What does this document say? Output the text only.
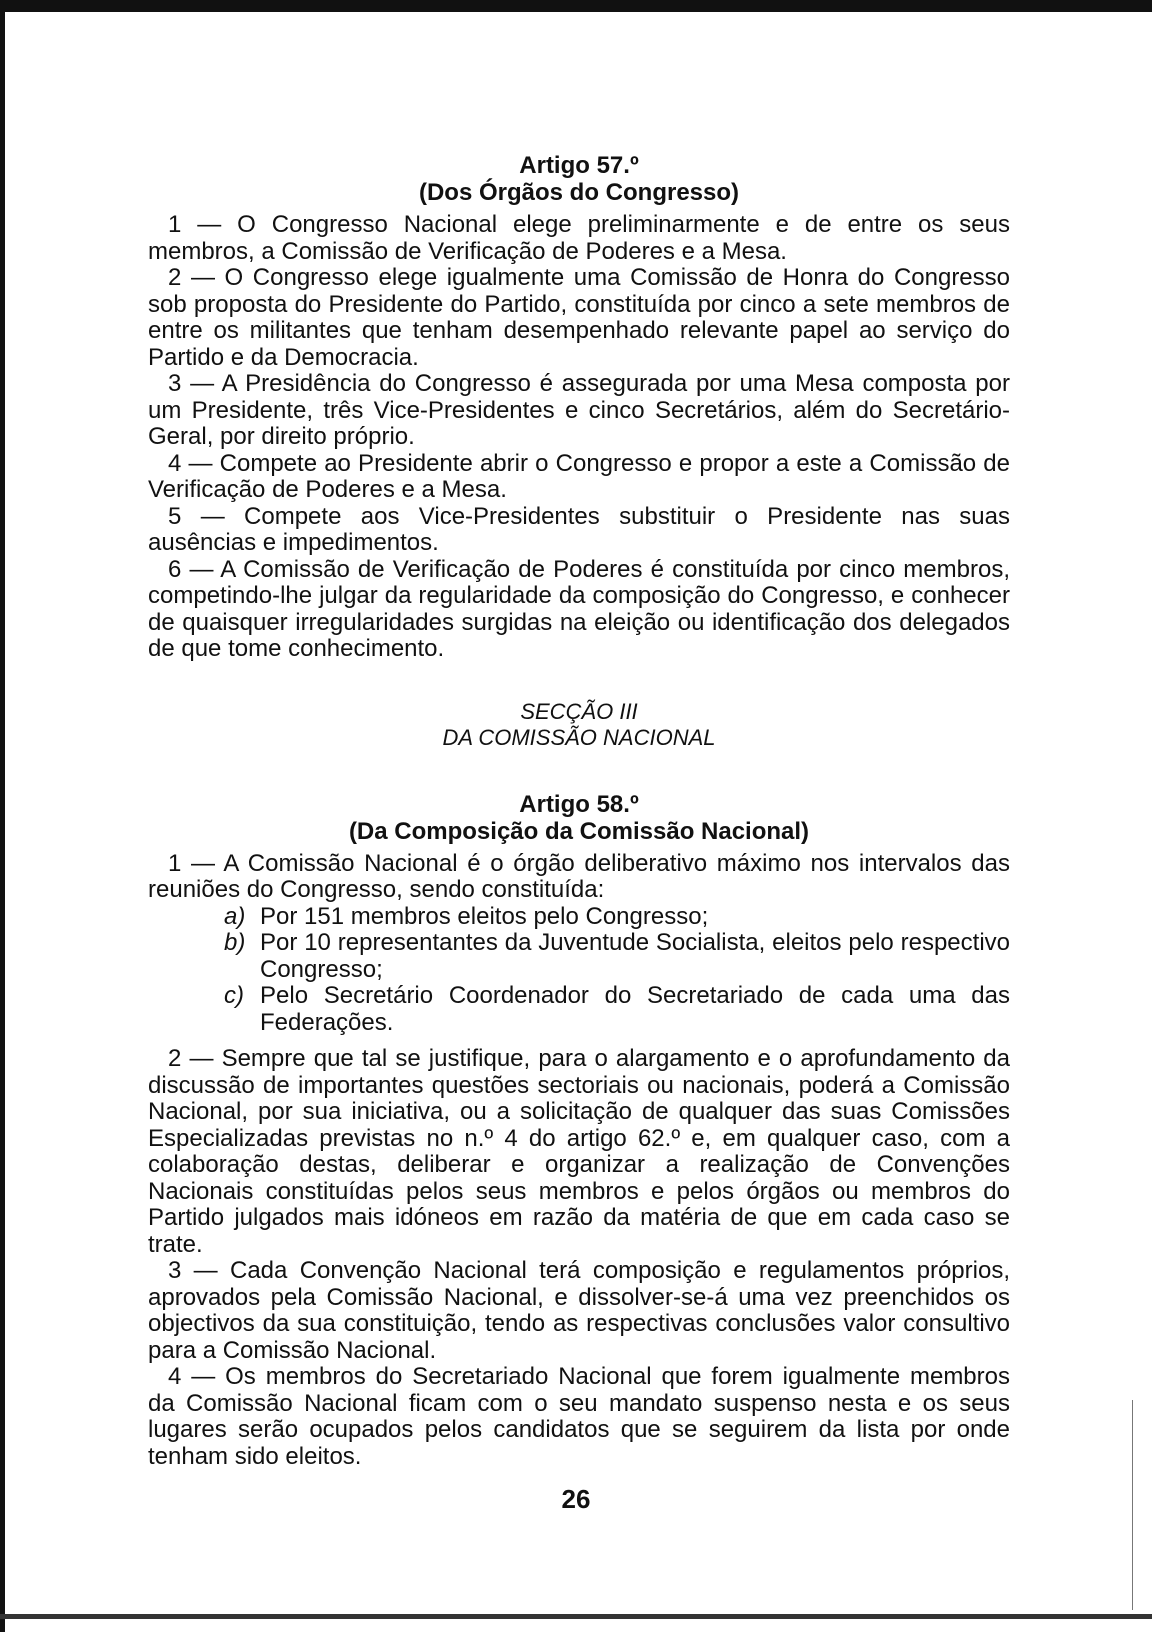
Artigo 57.º
(Dos Órgãos do Congresso)

1 — O Congresso Nacional elege preliminarmente e de entre os seus membros, a Comissão de Verificação de Poderes e a Mesa.

2 — O Congresso elege igualmente uma Comissão de Honra do Congresso sob proposta do Presidente do Partido, constituída por cinco a sete membros de entre os militantes que tenham desempenhado relevante papel ao serviço do Partido e da Democracia.

3 — A Presidência do Congresso é assegurada por uma Mesa composta por um Presidente, três Vice-Presidentes e cinco Secretários, além do Secretário-Geral, por direito próprio.

4 — Compete ao Presidente abrir o Congresso e propor a este a Comissão de Verificação de Poderes e a Mesa.

5 — Compete aos Vice-Presidentes substituir o Presidente nas suas ausências e impedimentos.

6 — A Comissão de Verificação de Poderes é constituída por cinco membros, competindo-lhe julgar da regularidade da composição do Congresso, e conhecer de quaisquer irregularidades surgidas na eleição ou identificação dos delegados de que tome conhecimento.

SECÇÃO III
DA COMISSÃO NACIONAL
Artigo 58.º
(Da Composição da Comissão Nacional)

1 — A Comissão Nacional é o órgão deliberativo máximo nos intervalos das reuniões do Congresso, sendo constituída:

a) Por 151 membros eleitos pelo Congresso;
b) Por 10 representantes da Juventude Socialista, eleitos pelo respectivo Congresso;
c) Pelo Secretário Coordenador do Secretariado de cada uma das Federações.

2 — Sempre que tal se justifique, para o alargamento e o aprofundamento da discussão de importantes questões sectoriais ou nacionais, poderá a Comissão Nacional, por sua iniciativa, ou a solicitação de qualquer das suas Comissões Especializadas previstas no n.º 4 do artigo 62.º e, em qualquer caso, com a colaboração destas, deliberar e organizar a realização de Convenções Nacionais constituídas pelos seus membros e pelos órgãos ou membros do Partido julgados mais idóneos em razão da matéria de que em cada caso se trate.

3 — Cada Convenção Nacional terá composição e regulamentos próprios, aprovados pela Comissão Nacional, e dissolver-se-á uma vez preenchidos os objectivos da sua constituição, tendo as respectivas conclusões valor consultivo para a Comissão Nacional.

4 — Os membros do Secretariado Nacional que forem igualmente membros da Comissão Nacional ficam com o seu mandato suspenso nesta e os seus lugares serão ocupados pelos candidatos que se seguirem da lista por onde tenham sido eleitos.

26
